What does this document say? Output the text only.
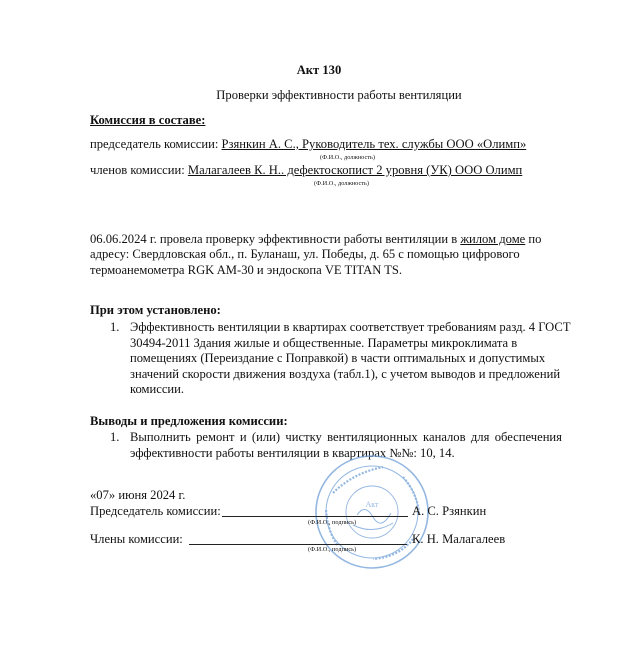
Акт 130
Проверки эффективности работы вентиляции
Комиссия в составе:
председатель комиссии: Рзянкин А. С., Руководитель тех. службы ООО «Олимп»
(Ф.И.О., должность)
членов комиссии: Малагалеев К. Н.. дефектоскопист 2 уровня (УК) ООО Олимп
(Ф.И.О., должность)
06.06.2024 г. провела проверку эффективности работы вентиляции в жилом доме по
адресу: Свердловская обл., п. Буланаш, ул. Победы, д. 65 с помощью цифрового
термоанемометра RGK AM-30 и эндоскопа VE TITAN TS.
При этом установлено:
1. Эффективность вентиляции в квартирах соответствует требованиям разд. 4 ГОСТ
30494-2011 Здания жилые и общественные. Параметры микроклимата в
помещениях (Переиздание с Поправкой) в части оптимальных и допустимых
значений скорости движения воздуха (табл.1), с учетом выводов и предложений
комиссии.
Выводы и предложения комиссии:
1. Выполнить ремонт и (или) чистку вентиляционных каналов для обеспечения
эффективности работы вентиляции в квартирах №№: 10, 14.
Акт
«07» июня 2024 г.
Председатель комиссии:	А. С. Рзянкин
(Ф.И.О., подпись)
Члены комиссии:	К. Н. Малагалеев
(Ф.И.О., подпись)
